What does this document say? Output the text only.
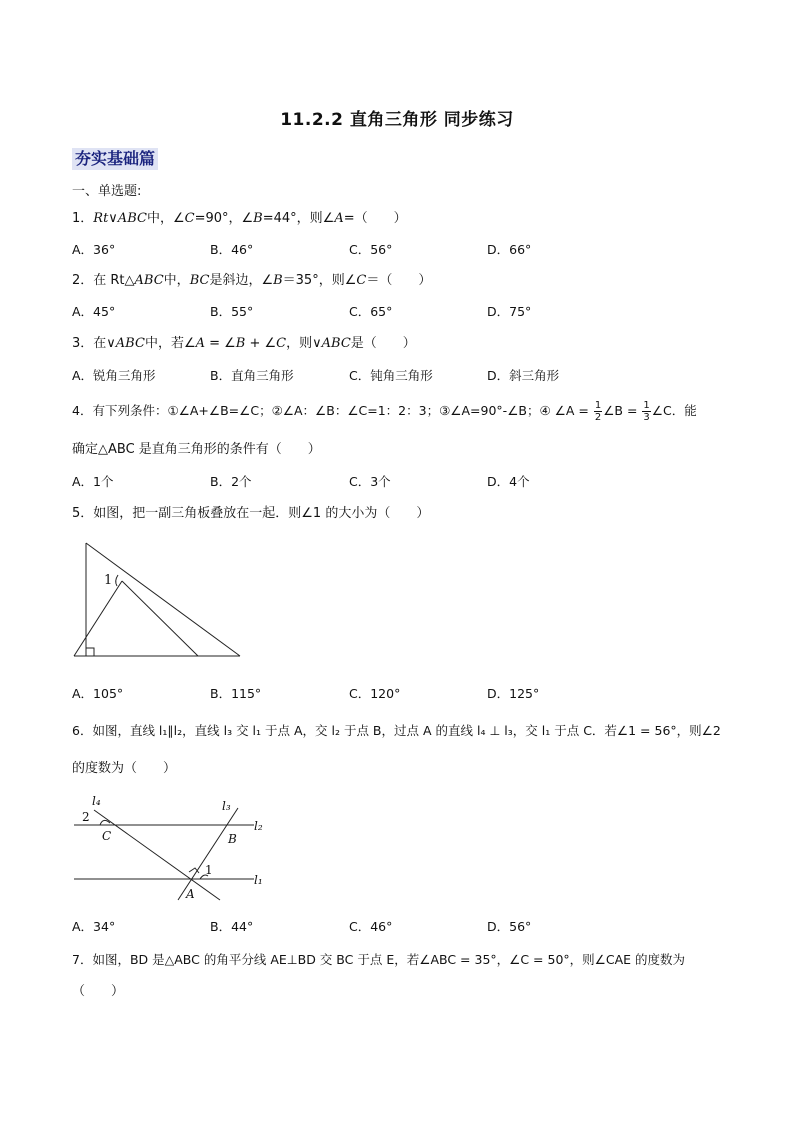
11.2.2 直角三角形 同步练习
夯实基础篇
一、单选题:
1．Rt∨ABC中，∠C=90°，∠B=44°，则∠A=（　　）
A．36°	B．46°	C．56°	D．66°
2．在 Rt△ABC中，BC是斜边，∠B＝35°，则∠C＝（　　）
A．45°	B．55°	C．65°	D．75°
3．在∨ABC中，若∠A = ∠B + ∠C，则∨ABC是（　　）
A．锐角三角形	B．直角三角形	C．钝角三角形	D．斜三角形
4．有下列条件：①∠A+∠B=∠C；②∠A：∠B：∠C=1：2：3；③∠A=90°-∠B；④ ∠A = $\frac{1}{2}$ ∠B = $\frac{1}{3}$ ∠C．能
确定△ABC 是直角三角形的条件有（　　）
A．1个	B．2个	C．3个	D．4个
5．如图，把一副三角板叠放在一起．则∠1 的大小为（　　）
1
A．105°	B．115°	C．120°	D．125°
6．如图，直线 l₁∥l₂，直线 l₃ 交 l₁ 于点 A，交 l₂ 于点 B，过点 A 的直线 l₄ ⊥ l₃，交 l₁ 于点 C．若∠1 = 56°，则∠2
的度数为（　　）
l₄
2
C
l₃
l₂
B
1
l₁
A
A．34°	B．44°	C．46°	D．56°
7．如图，BD 是△ABC 的角平分线 AE⊥BD 交 BC 于点 E，若∠ABC = 35°，∠C = 50°，则∠CAE 的度数为
（　　）
